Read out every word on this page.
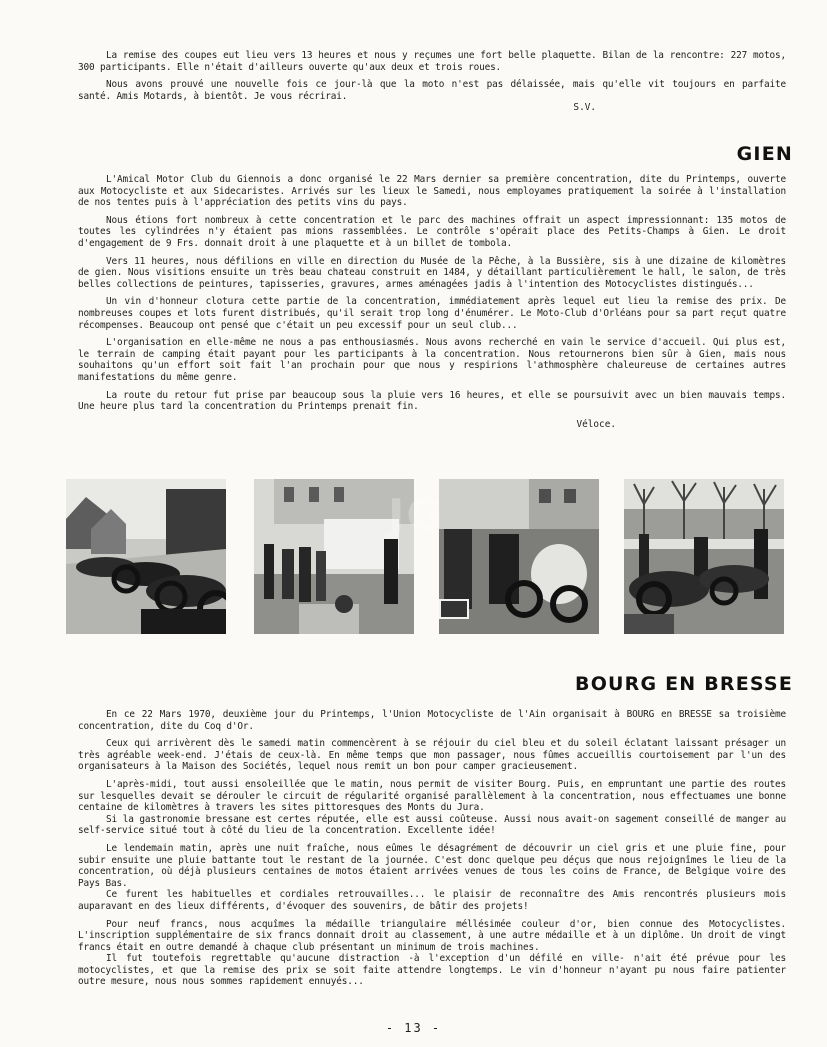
La remise des coupes eut lieu vers 13 heures et nous y reçumes une fort belle plaquette. Bilan de la rencontre: 227 motos, 300 participants. Elle n'était d'ailleurs ouverte qu'aux deux et trois roues.

Nous avons prouvé une nouvelle fois ce jour-là que la moto n'est pas délaissée, mais qu'elle vit toujours en parfaite santé. Amis Motards, à bientôt. Je vous récrirai.

S.V.

GIEN

L'Amical Motor Club du Giennois a donc organisé le 22 Mars dernier sa première concentration, dite du Printemps, ouverte aux Motocycliste et aux Sidecaristes. Arrivés sur les lieux le Samedi, nous employames pratiquement la soirée à l'installation de nos tentes puis à l'appréciation des petits vins du pays.

Nous étions fort nombreux à cette concentration et le parc des machines offrait un aspect impressionnant: 135 motos de toutes les cylindrées n'y étaient pas mions rassemblées. Le contrôle s'opérait place des Petits-Champs à Gien. Le droit d'engagement de 9 Frs. donnait droit à une plaquette et à un billet de tombola.

Vers 11 heures, nous défilions en ville en direction du Musée de la Pêche, à la Bussière, sis à une dizaine de kilomètres de gien. Nous visitions ensuite un très beau chateau construit en 1484, y détaillant particulièrement le hall, le salon, de très belles collections de peintures, tapisseries, gravures, armes aménagées jadis à l'intention des Motocyclistes distingués...

Un vin d'honneur clotura cette partie de la concentration, immédiatement après lequel eut lieu la remise des prix. De nombreuses coupes et lots furent distribués, qu'il serait trop long d'énumérer. Le Moto-Club d'Orléans pour sa part reçut quatre récompenses. Beaucoup ont pensé que c'était un peu excessif pour un seul club...

L'organisation en elle-même ne nous a pas enthousiasmés. Nous avons recherché en vain le service d'accueil. Qui plus est, le terrain de camping était payant pour les participants à la concentration. Nous retournerons bien sûr à Gien, mais nous souhaitons qu'un effort soit fait l'an prochain pour que nous y respirions l'athmosphère chaleureuse de certaines autres manifestations du même genre.

La route du retour fut prise par beaucoup sous la pluie vers 16 heures, et elle se poursuivit avec un bien mauvais temps. Une heure plus tard la concentration du Printemps prenait fin.

Véloce.

JG
BOURG EN BRESSE

En ce 22 Mars 1970, deuxième jour du Printemps, l'Union Motocycliste de l'Ain organisait à BOURG en BRESSE sa troisième concentration, dite du Coq d'Or.

Ceux qui arrivèrent dès le samedi matin commencèrent à se réjouir du ciel bleu et du soleil éclatant laissant présager un très agréable week-end. J'étais de ceux-là. En même temps que mon passager, nous fûmes accueillis courtoisement par l'un des organisateurs à la Maison des Sociétés, lequel nous remit un bon pour camper gracieusement.

L'après-midi, tout aussi ensoleillée que le matin, nous permit de visiter Bourg. Puis, en empruntant une partie des routes sur lesquelles devait se dérouler le circuit de régularité organisé parallèlement à la concentration, nous effectuames une bonne centaine de kilomètres à travers les sites pittoresques des Monts du Jura.

Si la gastronomie bressane est certes réputée, elle est aussi coûteuse. Aussi nous avait-on sagement conseillé de manger au self-service situé tout à côté du lieu de la concentration. Excellente idée!

Le lendemain matin, après une nuit fraîche, nous eûmes le désagrément de découvrir un ciel gris et une pluie fine, pour subir ensuite une pluie battante tout le restant de la journée. C'est donc quelque peu déçus que nous rejoignîmes le lieu de la concentration, où déjà plusieurs centaines de motos étaient arrivées venues de tous les coins de France, de Belgique voire des Pays Bas.

Ce furent les habituelles et cordiales retrouvailles... le plaisir de reconnaître des Amis rencontrés plusieurs mois auparavant en des lieux différents, d'évoquer des souvenirs, de bâtir des projets!

Pour neuf francs, nous acquîmes la médaille triangulaire méllésimée couleur d'or, bien connue des Motocyclistes. L'inscription supplémentaire de six francs donnait droit au classement, à une autre médaille et à un diplôme. Un droit de vingt francs était en outre demandé à chaque club présentant un minimum de trois machines.

Il fut toutefois regrettable qu'aucune distraction -à l'exception d'un défilé en ville- n'ait été prévue pour les motocyclistes, et que la remise des prix se soit faite attendre longtemps. Le vin d'honneur n'ayant pu nous faire patienter outre mesure, nous nous sommes rapidement ennuyés...

- 13 -
